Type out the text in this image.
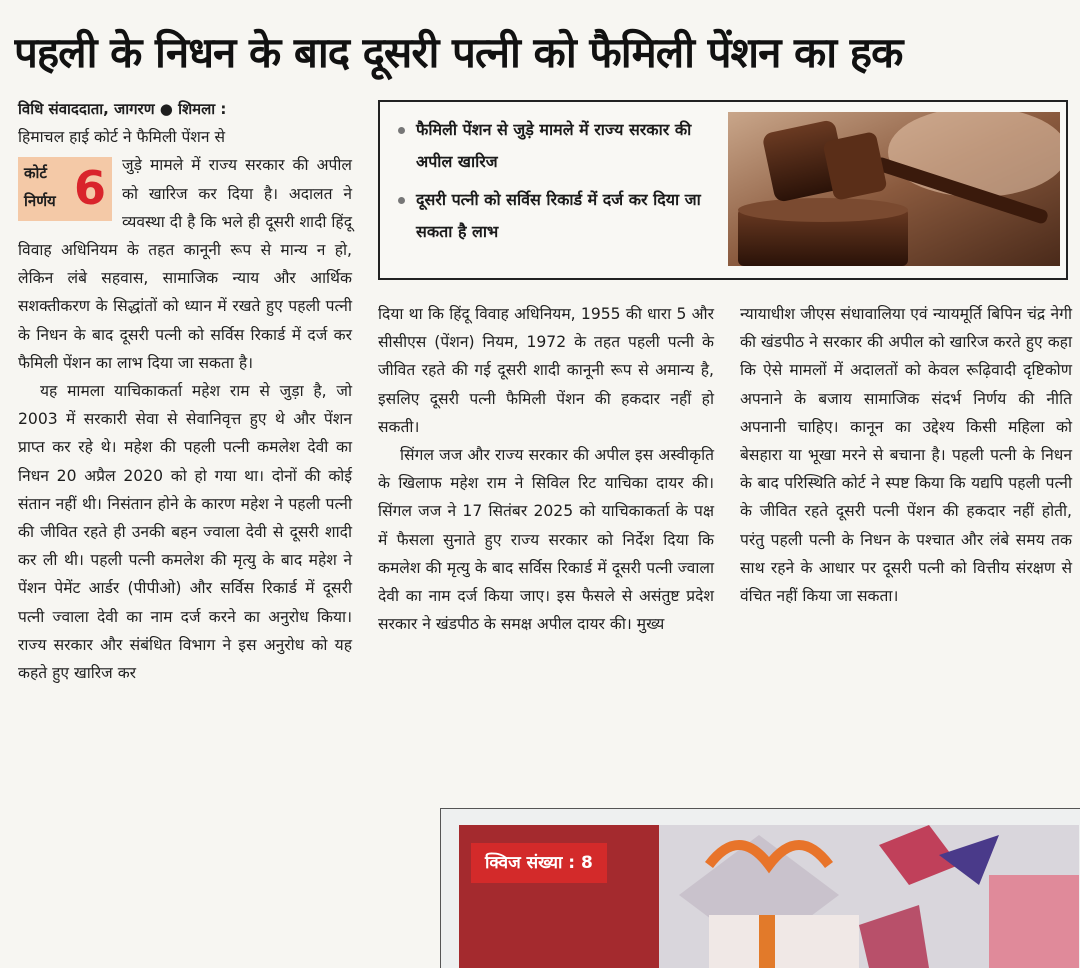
पहली के निधन के बाद दूसरी पत्नी को फैमिली पेंशन का हक

विधि संवाददाता, जागरण ● शिमला :

हिमाचल हाई कोर्ट ने फैमिली पेंशन से

कोर्ट
निर्णय 6	जुड़े मामले में राज्य सरकार की अपील को खारिज कर दिया है। अदालत ने व्यवस्था दी है कि भले ही दूसरी शादी हिंदू विवाह अधिनियम के तहत कानूनी रूप से मान्य न हो, लेकिन लंबे सहवास, सामाजिक न्याय और आर्थिक सशक्तीकरण के सिद्धांतों को ध्यान में रखते हुए पहली पत्नी के निधन के बाद दूसरी पत्नी को सर्विस रिकार्ड में दर्ज कर फैमिली पेंशन का लाभ दिया जा सकता है।

यह मामला याचिकाकर्ता महेश राम से जुड़ा है, जो 2003 में सरकारी सेवा से सेवानिवृत्त हुए थे और पेंशन प्राप्त कर रहे थे। महेश की पहली पत्नी कमलेश देवी का निधन 20 अप्रैल 2020 को हो गया था। दोनों की कोई संतान नहीं थी। निसंतान होने के कारण महेश ने पहली पत्नी की जीवित रहते ही उनकी बहन ज्वाला देवी से दूसरी शादी कर ली थी। पहली पत्नी कमलेश की मृत्यु के बाद महेश ने पेंशन पेमेंट आर्डर (पीपीओ) और सर्विस रिकार्ड में दूसरी पत्नी ज्वाला देवी का नाम दर्ज करने का अनुरोध किया। राज्य सरकार और संबंधित विभाग ने इस अनुरोध को यह कहते हुए खारिज कर

फैमिली पेंशन से जुड़े मामले में राज्य सरकार की अपील खारिज
दूसरी पत्नी को सर्विस रिकार्ड में दर्ज कर दिया जा सकता है लाभ

दिया था कि हिंदू विवाह अधिनियम, 1955 की धारा 5 और सीसीएस (पेंशन) नियम, 1972 के तहत पहली पत्नी के जीवित रहते की गई दूसरी शादी कानूनी रूप से अमान्य है, इसलिए दूसरी पत्नी फैमिली पेंशन की हकदार नहीं हो सकती।

सिंगल जज और राज्य सरकार की अपील इस अस्वीकृति के खिलाफ महेश राम ने सिविल रिट याचिका दायर की। सिंगल जज ने 17 सितंबर 2025 को याचिकाकर्ता के पक्ष में फैसला सुनाते हुए राज्य सरकार को निर्देश दिया कि कमलेश की मृत्यु के बाद सर्विस रिकार्ड में दूसरी पत्नी ज्वाला देवी का नाम दर्ज किया जाए। इस फैसले से असंतुष्ट प्रदेश सरकार ने खंडपीठ के समक्ष अपील दायर की। मुख्य

न्यायाधीश जीएस संधावालिया एवं न्यायमूर्ति बिपिन चंद्र नेगी की खंडपीठ ने सरकार की अपील को खारिज करते हुए कहा कि ऐसे मामलों में अदालतों को केवल रूढ़िवादी दृष्टिकोण अपनाने के बजाय सामाजिक संदर्भ निर्णय की नीति अपनानी चाहिए। कानून का उद्देश्य किसी महिला को बेसहारा या भूखा मरने से बचाना है। पहली पत्नी के निधन के बाद परिस्थिति कोर्ट ने स्पष्ट किया कि यद्यपि पहली पत्नी के जीवित रहते दूसरी पत्नी पेंशन की हकदार नहीं होती, परंतु पहली पत्नी के निधन के पश्चात और लंबे समय तक साथ रहने के आधार पर दूसरी पत्नी को वित्तीय संरक्षण से वंचित नहीं किया जा सकता।

क्विज संख्या : 8
